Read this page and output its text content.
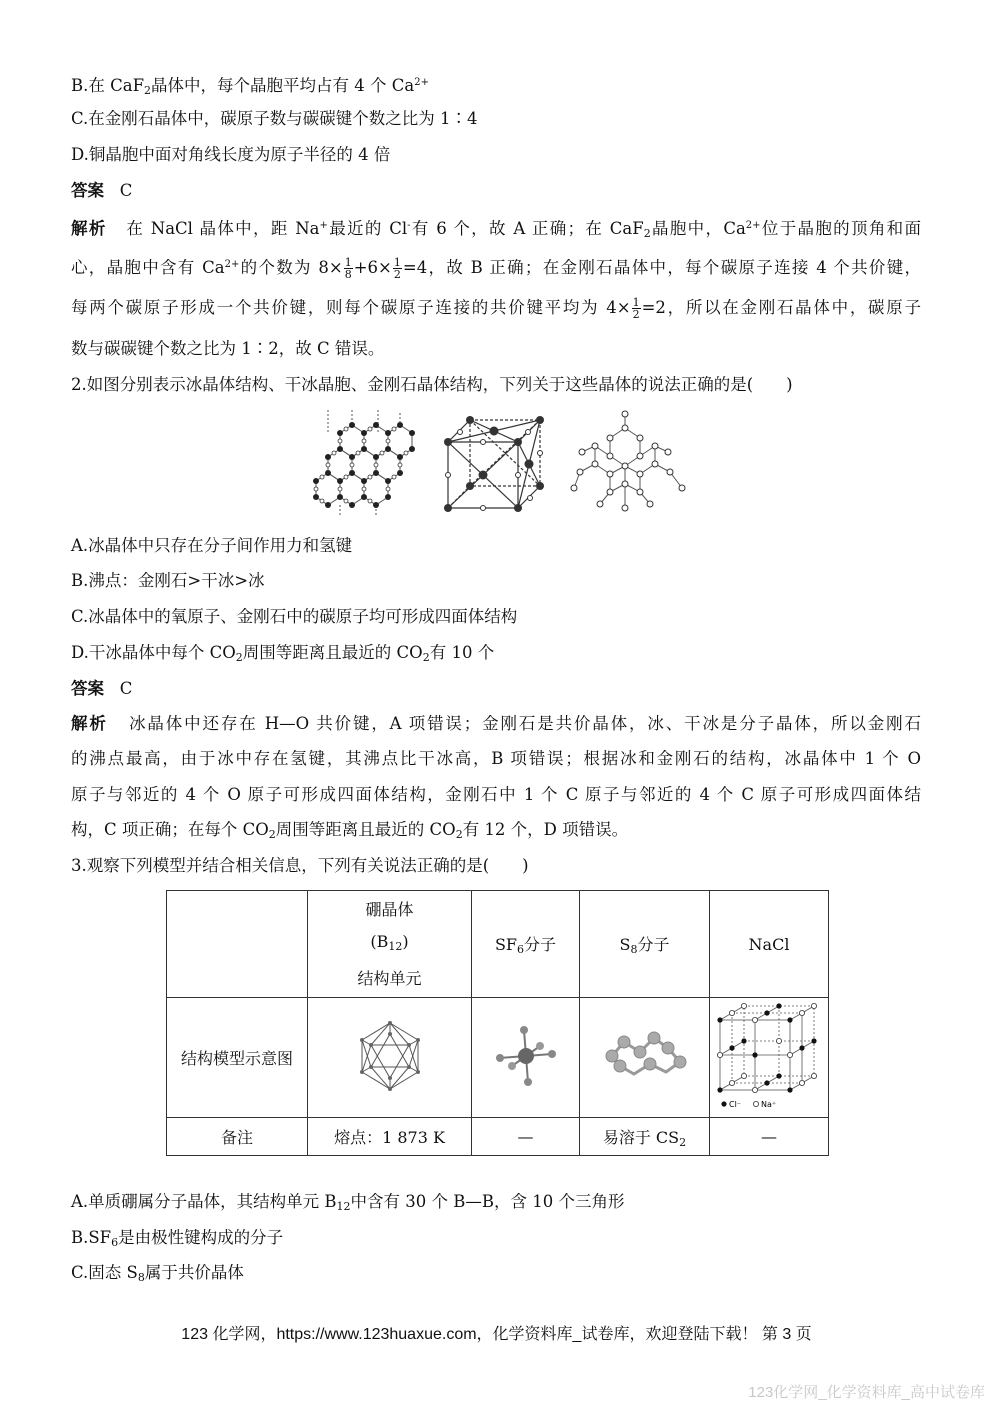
B.在 CaF$_2$晶体中，每个晶胞平均占有 4 个 $Ca^{2+}$
C.在金刚石晶体中，碳原子数与碳碳键个数之比为 1∶4
D.铜晶胞中面对角线长度为原子半径的 4 倍
答案 C
解析 在 NaCl 晶体中，距 Na+最近的 Cl-有 6 个，故 A 正确；在 CaF$_2$晶胞中，$Ca^{2+}$位于晶胞的顶角和面
心，晶胞中含有 $Ca^{2+}$的个数为 $8\times \frac{1}{8} +6\times \frac{1}{2} =4$，故 B 正确；在金刚石晶体中，每个碳原子连接 4 个共价键，
每两个碳原子形成一个共价键，则每个碳原子连接的共价键平均为 $4\times \frac{1}{2} =2$，所以在金刚石晶体中，碳原子
数与碳碳键个数之比为 1∶2，故 C 错误。
2.如图分别表示冰晶体结构、干冰晶胞、金刚石晶体结构，下列关于这些晶体的说法正确的是(　　)
A.冰晶体中只存在分子间作用力和氢键
B.沸点：金刚石>干冰>冰
C.冰晶体中的氧原子、金刚石中的碳原子均可形成四面体结构
D.干冰晶体中每个 $CO_2$周围等距离且最近的 $CO_2$有 10 个
答案 C
解析 冰晶体中还存在 H—O 共价键，A 项错误；金刚石是共价晶体，冰、干冰是分子晶体，所以金刚石
的沸点最高，由于冰中存在氢键，其沸点比干冰高，B 项错误；根据冰和金刚石的结构，冰晶体中 1 个 O
原子与邻近的 4 个 O 原子可形成四面体结构，金刚石中 1 个 C 原子与邻近的 4 个 C 原子可形成四面体结
构，C 项正确；在每个 $CO_2$周围等距离且最近的 $CO_2$有 12 个，D 项错误。
3.观察下列模型并结合相关信息，下列有关说法正确的是(　　)

	硼晶体
$(B_{12})$
结构单元	$SF_6$分子	$S_8$分子	NaCl
结构模型示意图				Cl⁻ Na⁺

备注	熔点：1 873 K	—	易溶于 $CS_2$	—
A.单质硼属分子晶体，其结构单元 $B_{12}$中含有 30 个 B—B，含 10 个三角形
$B.SF_6$是由极性键构成的分子
C.固态 $S_8$属于共价晶体
123 化学网，https://www.123huaxue.com，化学资料库_试卷库，欢迎登陆下载！ 第 3 页
123化学网_化学资料库_高中试卷库
